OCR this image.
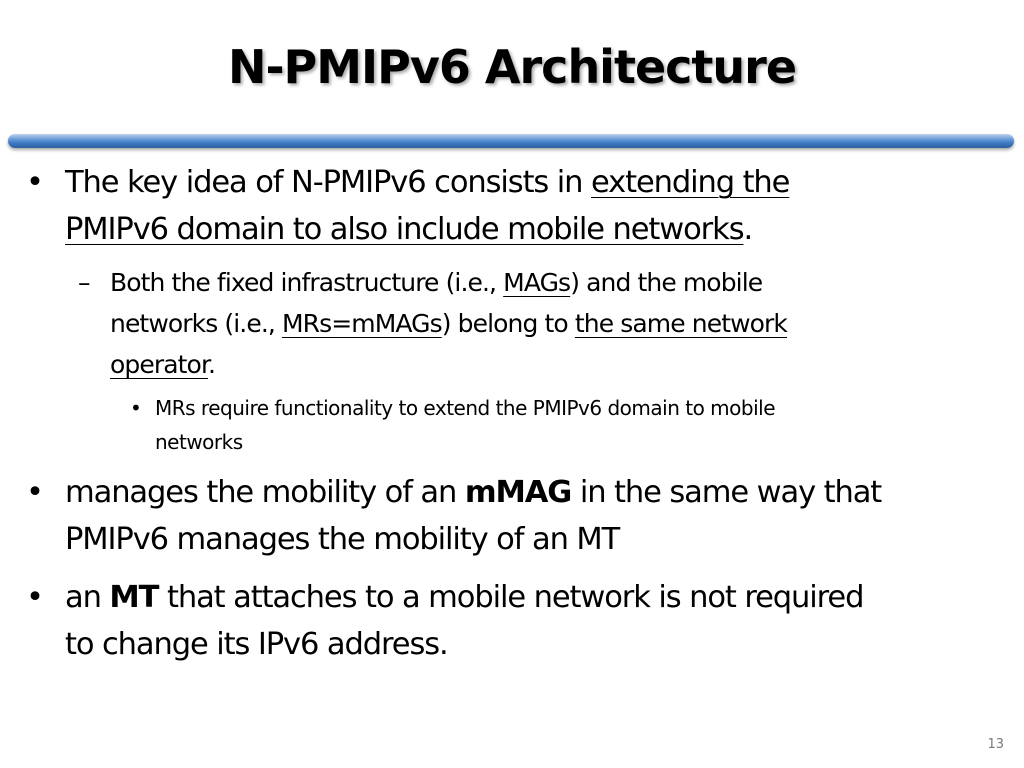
N-PMIPv6 Architecture
• The key idea of N-PMIPv6 consists in extending the
PMIPv6 domain to also include mobile networks.
– Both the fixed infrastructure (i.e., MAGs) and the mobile
networks (i.e., MRs=mMAGs) belong to the same network
operator.
• MRs require functionality to extend the PMIPv6 domain to mobile
networks
• manages the mobility of an mMAG in the same way that
PMIPv6 manages the mobility of an MT
• an MT that attaches to a mobile network is not required
to change its IPv6 address.
13
